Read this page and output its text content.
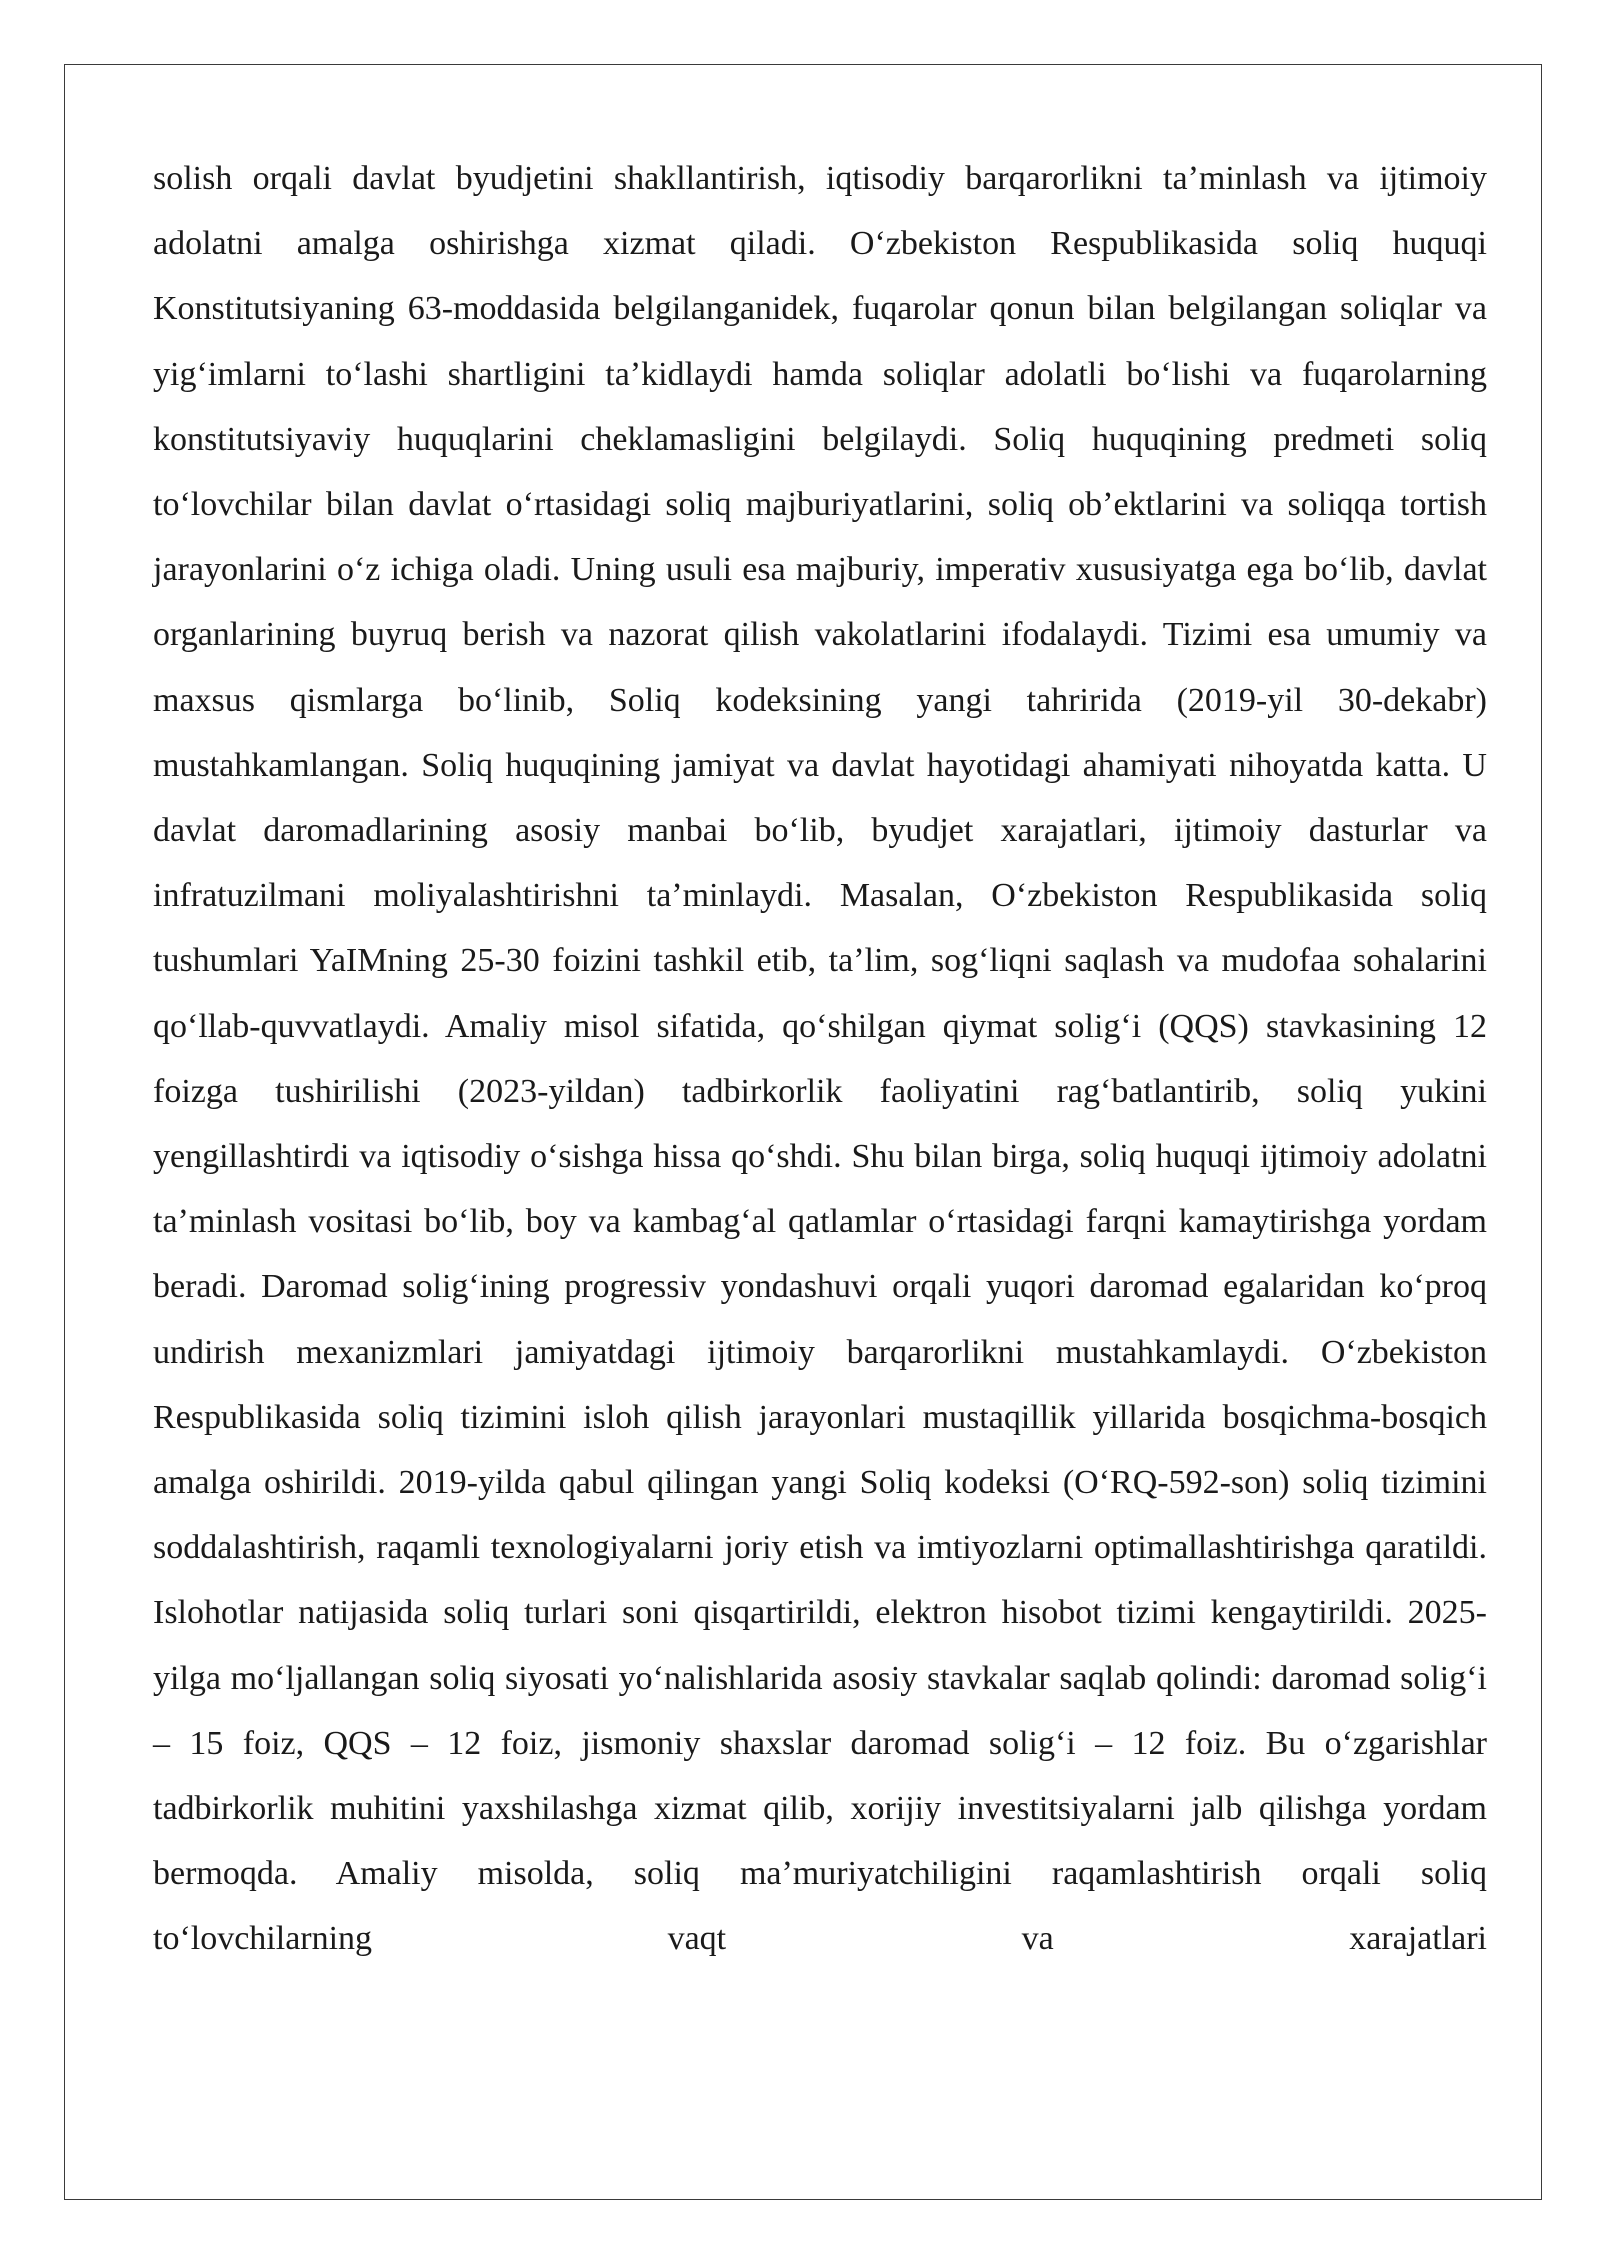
solish orqali davlat byudjetini shakllantirish, iqtisodiy barqarorlikni taʼminlash va ijtimoiy adolatni amalga oshirishga xizmat qiladi. Oʻzbekiston Respublikasida soliq huquqi Konstitutsiyaning 63-moddasida belgilanganidek, fuqarolar qonun bilan belgilangan soliqlar va yigʻimlarni toʻlashi shartligini taʼkidlaydi hamda soliqlar adolatli boʻlishi va fuqarolarning konstitutsiyaviy huquqlarini cheklamasligini belgilaydi. Soliq huquqining predmeti soliq toʻlovchilar bilan davlat oʻrtasidagi soliq majburiyatlarini, soliq obʼektlarini va soliqqa tortish jarayonlarini oʻz ichiga oladi. Uning usuli esa majburiy, imperativ xususiyatga ega boʻlib, davlat organlarining buyruq berish va nazorat qilish vakolatlarini ifodalaydi. Tizimi esa umumiy va maxsus qismlarga boʻlinib, Soliq kodeksining yangi tahririda (2019-yil 30-dekabr) mustahkamlangan. Soliq huquqining jamiyat va davlat hayotidagi ahamiyati nihoyatda katta. U davlat daromadlarining asosiy manbai boʻlib, byudjet xarajatlari, ijtimoiy dasturlar va infratuzilmani moliyalashtirishni taʼminlaydi. Masalan, Oʻzbekiston Respublikasida soliq tushumlari YaIMning 25-30 foizini tashkil etib, taʼlim, sogʻliqni saqlash va mudofaa sohalarini qoʻllab-quvvatlaydi. Amaliy misol sifatida, qoʻshilgan qiymat soligʻi (QQS) stavkasining 12 foizga tushirilishi (2023-yildan) tadbirkorlik faoliyatini ragʻbatlantirib, soliq yukini yengillashtirdi va iqtisodiy oʻsishga hissa qoʻshdi. Shu bilan birga, soliq huquqi ijtimoiy adolatni taʼminlash vositasi boʻlib, boy va kambagʻal qatlamlar oʻrtasidagi farqni kamaytirishga yordam beradi. Daromad soligʻining progressiv yondashuvi orqali yuqori daromad egalaridan koʻproq undirish mexanizmlari jamiyatdagi ijtimoiy barqarorlikni mustahkamlaydi. Oʻzbekiston Respublikasida soliq tizimini isloh qilish jarayonlari mustaqillik yillarida bosqichma-bosqich amalga oshirildi. 2019-yilda qabul qilingan yangi Soliq kodeksi (OʻRQ-592-son) soliq tizimini soddalashtirish, raqamli texnologiyalarni joriy etish va imtiyozlarni optimallashtirishga qaratildi. Islohotlar natijasida soliq turlari soni qisqartirildi, elektron hisobot tizimi kengaytirildi. 2025-yilga moʻljallangan soliq siyosati yoʻnalishlarida asosiy stavkalar saqlab qolindi: daromad soligʻi – 15 foiz, QQS – 12 foiz, jismoniy shaxslar daromad soligʻi – 12 foiz. Bu oʻzgarishlar tadbirkorlik muhitini yaxshilashga xizmat qilib, xorijiy investitsiyalarni jalb qilishga yordam bermoqda. Amaliy misolda, soliq maʼmuriyatchiligini raqamlashtirish orqali soliq toʻlovchilarning vaqt va xarajatlari
